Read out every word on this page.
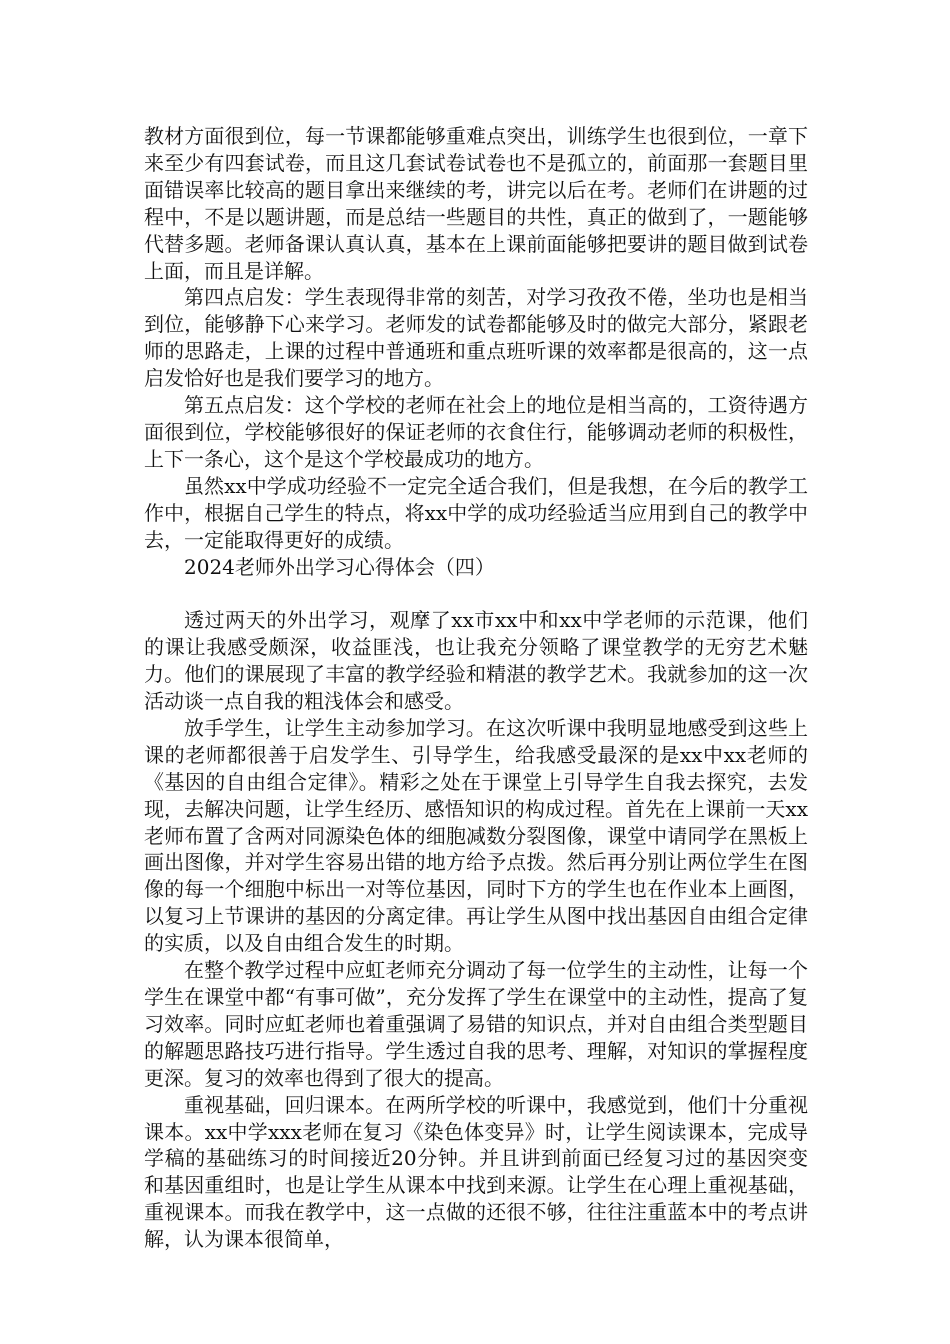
教材方面很到位，每一节课都能够重难点突出，训练学生也很到位，一章下来至少有四套试卷，而且这几套试卷试卷也不是孤立的，前面那一套题目里面错误率比较高的题目拿出来继续的考，讲完以后在考。老师们在讲题的过程中，不是以题讲题，而是总结一些题目的共性，真正的做到了，一题能够代替多题。老师备课认真认真，基本在上课前面能够把要讲的题目做到试卷上面，而且是详解。

第四点启发：学生表现得非常的刻苦，对学习孜孜不倦，坐功也是相当到位，能够静下心来学习。老师发的试卷都能够及时的做完大部分，紧跟老师的思路走，上课的过程中普通班和重点班听课的效率都是很高的，这一点启发恰好也是我们要学习的地方。

第五点启发：这个学校的老师在社会上的地位是相当高的，工资待遇方面很到位，学校能够很好的保证老师的衣食住行，能够调动老师的积极性，上下一条心，这个是这个学校最成功的地方。

虽然xx中学成功经验不一定完全适合我们，但是我想，在今后的教学工作中，根据自己学生的特点，将xx中学的成功经验适当应用到自己的教学中去，一定能取得更好的成绩。

2024老师外出学习心得体会（四）

透过两天的外出学习，观摩了xx市xx中和xx中学老师的示范课，他们的课让我感受颇深，收益匪浅，也让我充分领略了课堂教学的无穷艺术魅力。他们的课展现了丰富的教学经验和精湛的教学艺术。我就参加的这一次活动谈一点自我的粗浅体会和感受。

放手学生，让学生主动参加学习。在这次听课中我明显地感受到这些上课的老师都很善于启发学生、引导学生，给我感受最深的是xx中xx老师的《基因的自由组合定律》。精彩之处在于课堂上引导学生自我去探究，去发现，去解决问题，让学生经历、感悟知识的构成过程。首先在上课前一天xx老师布置了含两对同源染色体的细胞减数分裂图像，课堂中请同学在黑板上画出图像，并对学生容易出错的地方给予点拨。然后再分别让两位学生在图像的每一个细胞中标出一对等位基因，同时下方的学生也在作业本上画图，以复习上节课讲的基因的分离定律。再让学生从图中找出基因自由组合定律的实质，以及自由组合发生的时期。

在整个教学过程中应虹老师充分调动了每一位学生的主动性，让每一个学生在课堂中都“有事可做”，充分发挥了学生在课堂中的主动性，提高了复习效率。同时应虹老师也着重强调了易错的知识点，并对自由组合类型题目的解题思路技巧进行指导。学生透过自我的思考、理解，对知识的掌握程度更深。复习的效率也得到了很大的提高。

重视基础，回归课本。在两所学校的听课中，我感觉到，他们十分重视课本。xx中学xxx老师在复习《染色体变异》时，让学生阅读课本，完成导学稿的基础练习的时间接近20分钟。并且讲到前面已经复习过的基因突变和基因重组时，也是让学生从课本中找到来源。让学生在心理上重视基础，重视课本。而我在教学中，这一点做的还很不够，往往注重蓝本中的考点讲解，认为课本很简单，
